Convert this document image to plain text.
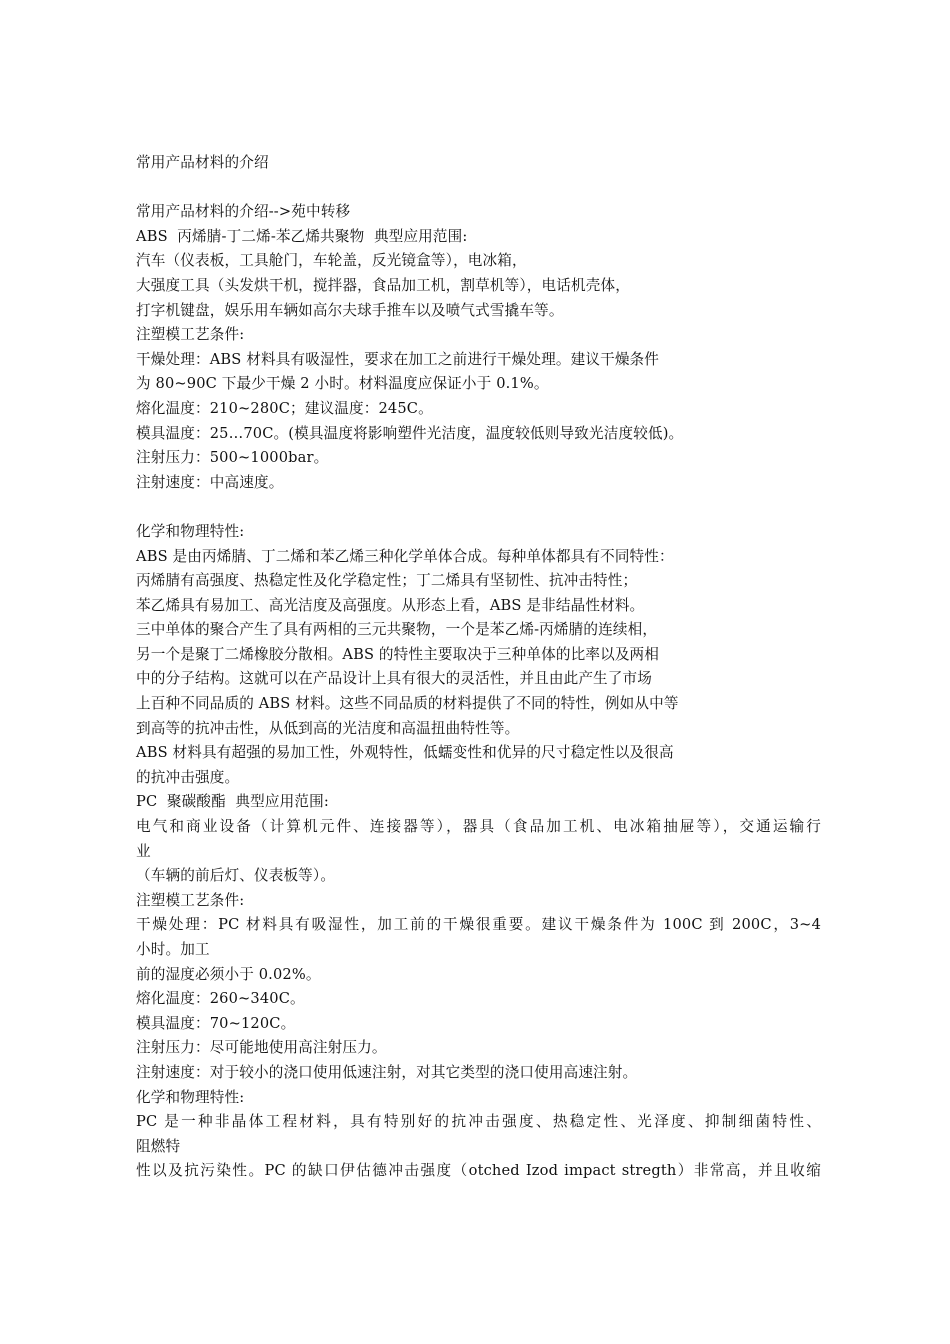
常用产品材料的介绍
常用产品材料的介绍-->苑中转移
ABS  丙烯腈-丁二烯-苯乙烯共聚物  典型应用范围:
汽车（仪表板，工具舱门，车轮盖，反光镜盒等），电冰箱，
大强度工具（头发烘干机，搅拌器，食品加工机，割草机等），电话机壳体，
打字机键盘，娱乐用车辆如高尔夫球手推车以及喷气式雪撬车等。
注塑模工艺条件:
干燥处理：ABS 材料具有吸湿性，要求在加工之前进行干燥处理。建议干燥条件
为 80~90C 下最少干燥 2 小时。材料温度应保证小于 0.1%。
熔化温度：210~280C；建议温度：245C。
模具温度：25…70C。(模具温度将影响塑件光洁度，温度较低则导致光洁度较低)。
注射压力：500~1000bar。
注射速度：中高速度。
化学和物理特性:
ABS 是由丙烯腈、丁二烯和苯乙烯三种化学单体合成。每种单体都具有不同特性：
丙烯腈有高强度、热稳定性及化学稳定性；丁二烯具有坚韧性、抗冲击特性；
苯乙烯具有易加工、高光洁度及高强度。从形态上看，ABS 是非结晶性材料。
三中单体的聚合产生了具有两相的三元共聚物，一个是苯乙烯-丙烯腈的连续相，
另一个是聚丁二烯橡胶分散相。ABS 的特性主要取决于三种单体的比率以及两相
中的分子结构。这就可以在产品设计上具有很大的灵活性，并且由此产生了市场
上百种不同品质的 ABS 材料。这些不同品质的材料提供了不同的特性，例如从中等
到高等的抗冲击性，从低到高的光洁度和高温扭曲特性等。
ABS 材料具有超强的易加工性，外观特性，低蠕变性和优异的尺寸稳定性以及很高
的抗冲击强度。
PC  聚碳酸酯  典型应用范围:
电气和商业设备（计算机元件、连接器等），器具（食品加工机、电冰箱抽屉等），交通运输行
业
（车辆的前后灯、仪表板等）。
注塑模工艺条件:
干燥处理：PC 材料具有吸湿性，加工前的干燥很重要。建议干燥条件为 100C 到 200C，3~4
小时。加工
前的湿度必须小于 0.02%。
熔化温度：260~340C。
模具温度：70~120C。
注射压力：尽可能地使用高注射压力。
注射速度：对于较小的浇口使用低速注射，对其它类型的浇口使用高速注射。
化学和物理特性:
PC 是一种非晶体工程材料，具有特别好的抗冲击强度、热稳定性、光泽度、抑制细菌特性、
阻燃特
性以及抗污染性。PC 的缺口伊估德冲击强度（otched Izod impact stregth）非常高，并且收缩
